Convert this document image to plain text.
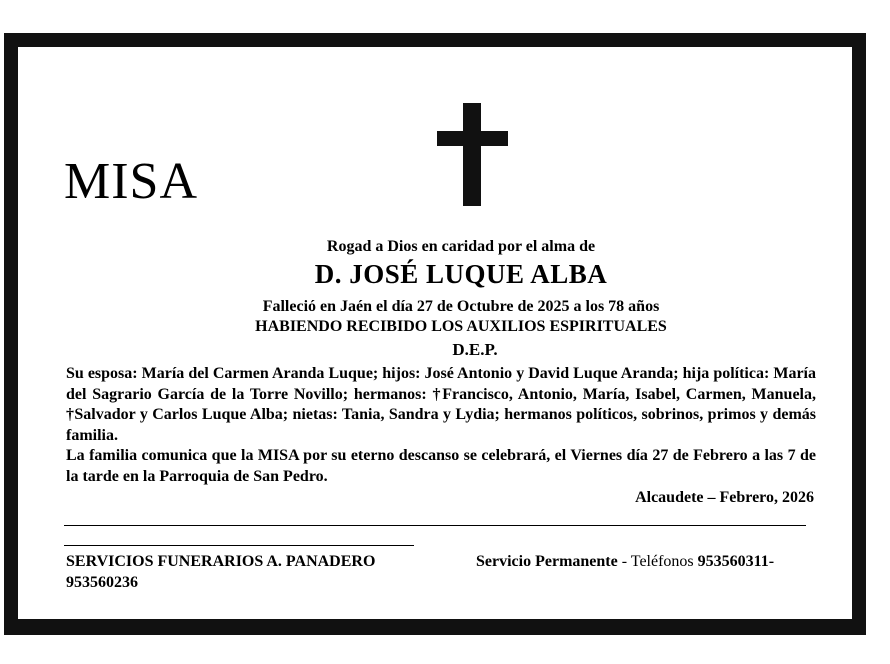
MISA
Rogad a Dios en caridad por el alma de
D. JOSÉ LUQUE ALBA
Falleció en Jaén el día 27 de Octubre de 2025 a los 78 años
HABIENDO RECIBIDO LOS AUXILIOS ESPIRITUALES
D.E.P.

Su esposa: María del Carmen Aranda Luque; hijos: José Antonio y David Luque Aranda; hija política: María del Sagrario García de la Torre Novillo; hermanos: †Francisco, Antonio, María, Isabel, Carmen, Manuela, †Salvador y Carlos Luque Alba; nietas: Tania, Sandra y Lydia; hermanos políticos, sobrinos, primos y demás familia.

La familia comunica que la MISA por su eterno descanso se celebrará, el Viernes día 27 de Febrero a las 7 de la tarde en la Parroquia de San Pedro.

Alcaudete – Febrero, 2026
SERVICIOS FUNERARIOS A. PANADERO 953560236
Servicio Permanente - Teléfonos 953560311-
